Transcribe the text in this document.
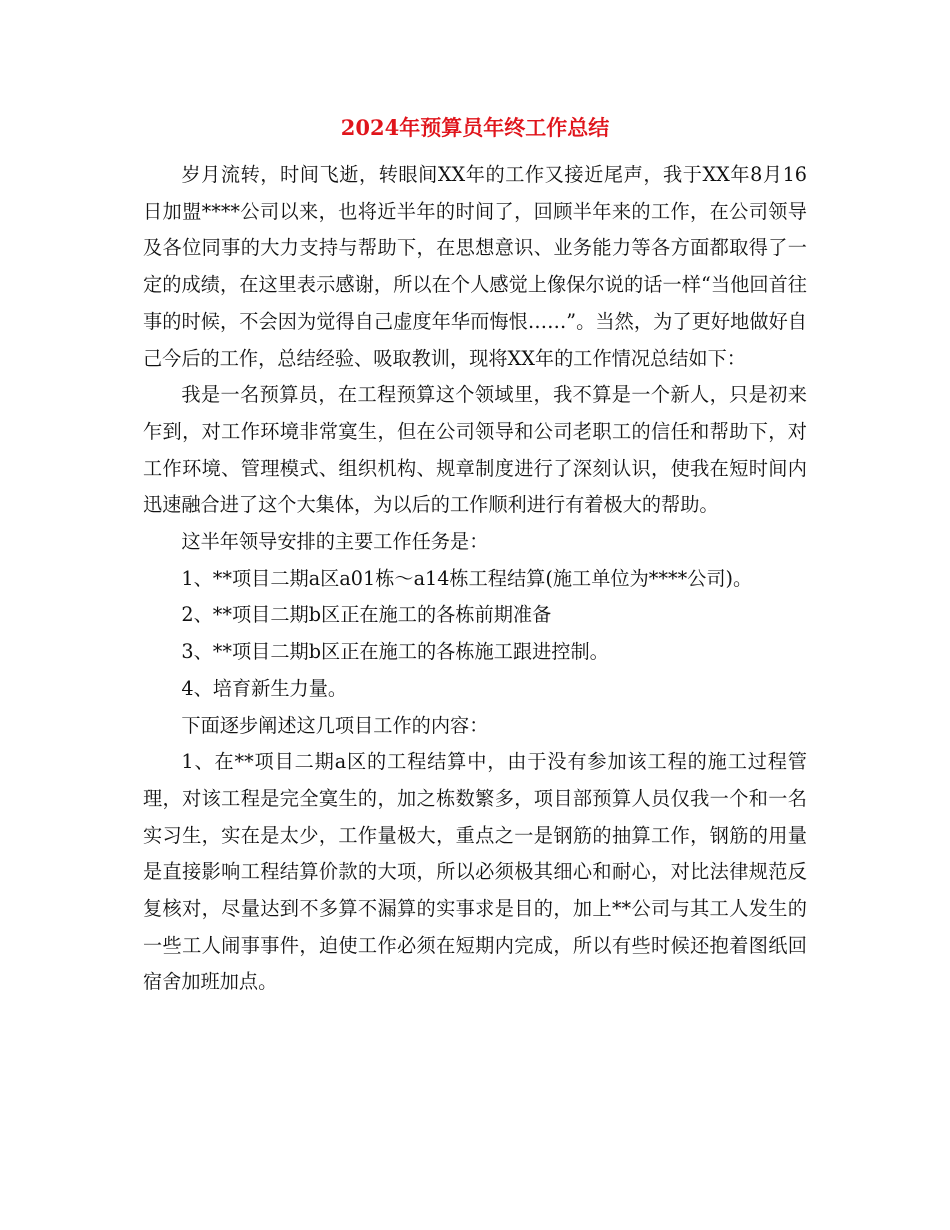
2024年预算员年终工作总结

岁月流转，时间飞逝，转眼间XX年的工作又接近尾声，我于XX年8月16日加盟****公司以来，也将近半年的时间了，回顾半年来的工作，在公司领导及各位同事的大力支持与帮助下，在思想意识、业务能力等各方面都取得了一定的成绩，在这里表示感谢，所以在个人感觉上像保尔说的话一样“当他回首往事的时候，不会因为觉得自己虚度年华而悔恨……”。当然，为了更好地做好自己今后的工作，总结经验、吸取教训，现将XX年的工作情况总结如下：

我是一名预算员，在工程预算这个领域里，我不算是一个新人，只是初来乍到，对工作环境非常寞生，但在公司领导和公司老职工的信任和帮助下，对工作环境、管理模式、组织机构、规章制度进行了深刻认识，使我在短时间内迅速融合进了这个大集体，为以后的工作顺利进行有着极大的帮助。

这半年领导安排的主要工作任务是：

1、**项目二期a区a01栋～a14栋工程结算(施工单位为****公司)。

2、**项目二期b区正在施工的各栋前期准备

3、**项目二期b区正在施工的各栋施工跟进控制。

4、培育新生力量。

下面逐步阐述这几项目工作的内容：

1、在**项目二期a区的工程结算中，由于没有参加该工程的施工过程管理，对该工程是完全寞生的，加之栋数繁多，项目部预算人员仅我一个和一名实习生，实在是太少，工作量极大，重点之一是钢筋的抽算工作，钢筋的用量是直接影响工程结算价款的大项，所以必须极其细心和耐心，对比法律规范反复核对，尽量达到不多算不漏算的实事求是目的，加上**公司与其工人发生的一些工人闹事事件，迫使工作必须在短期内完成，所以有些时候还抱着图纸回宿舍加班加点。
